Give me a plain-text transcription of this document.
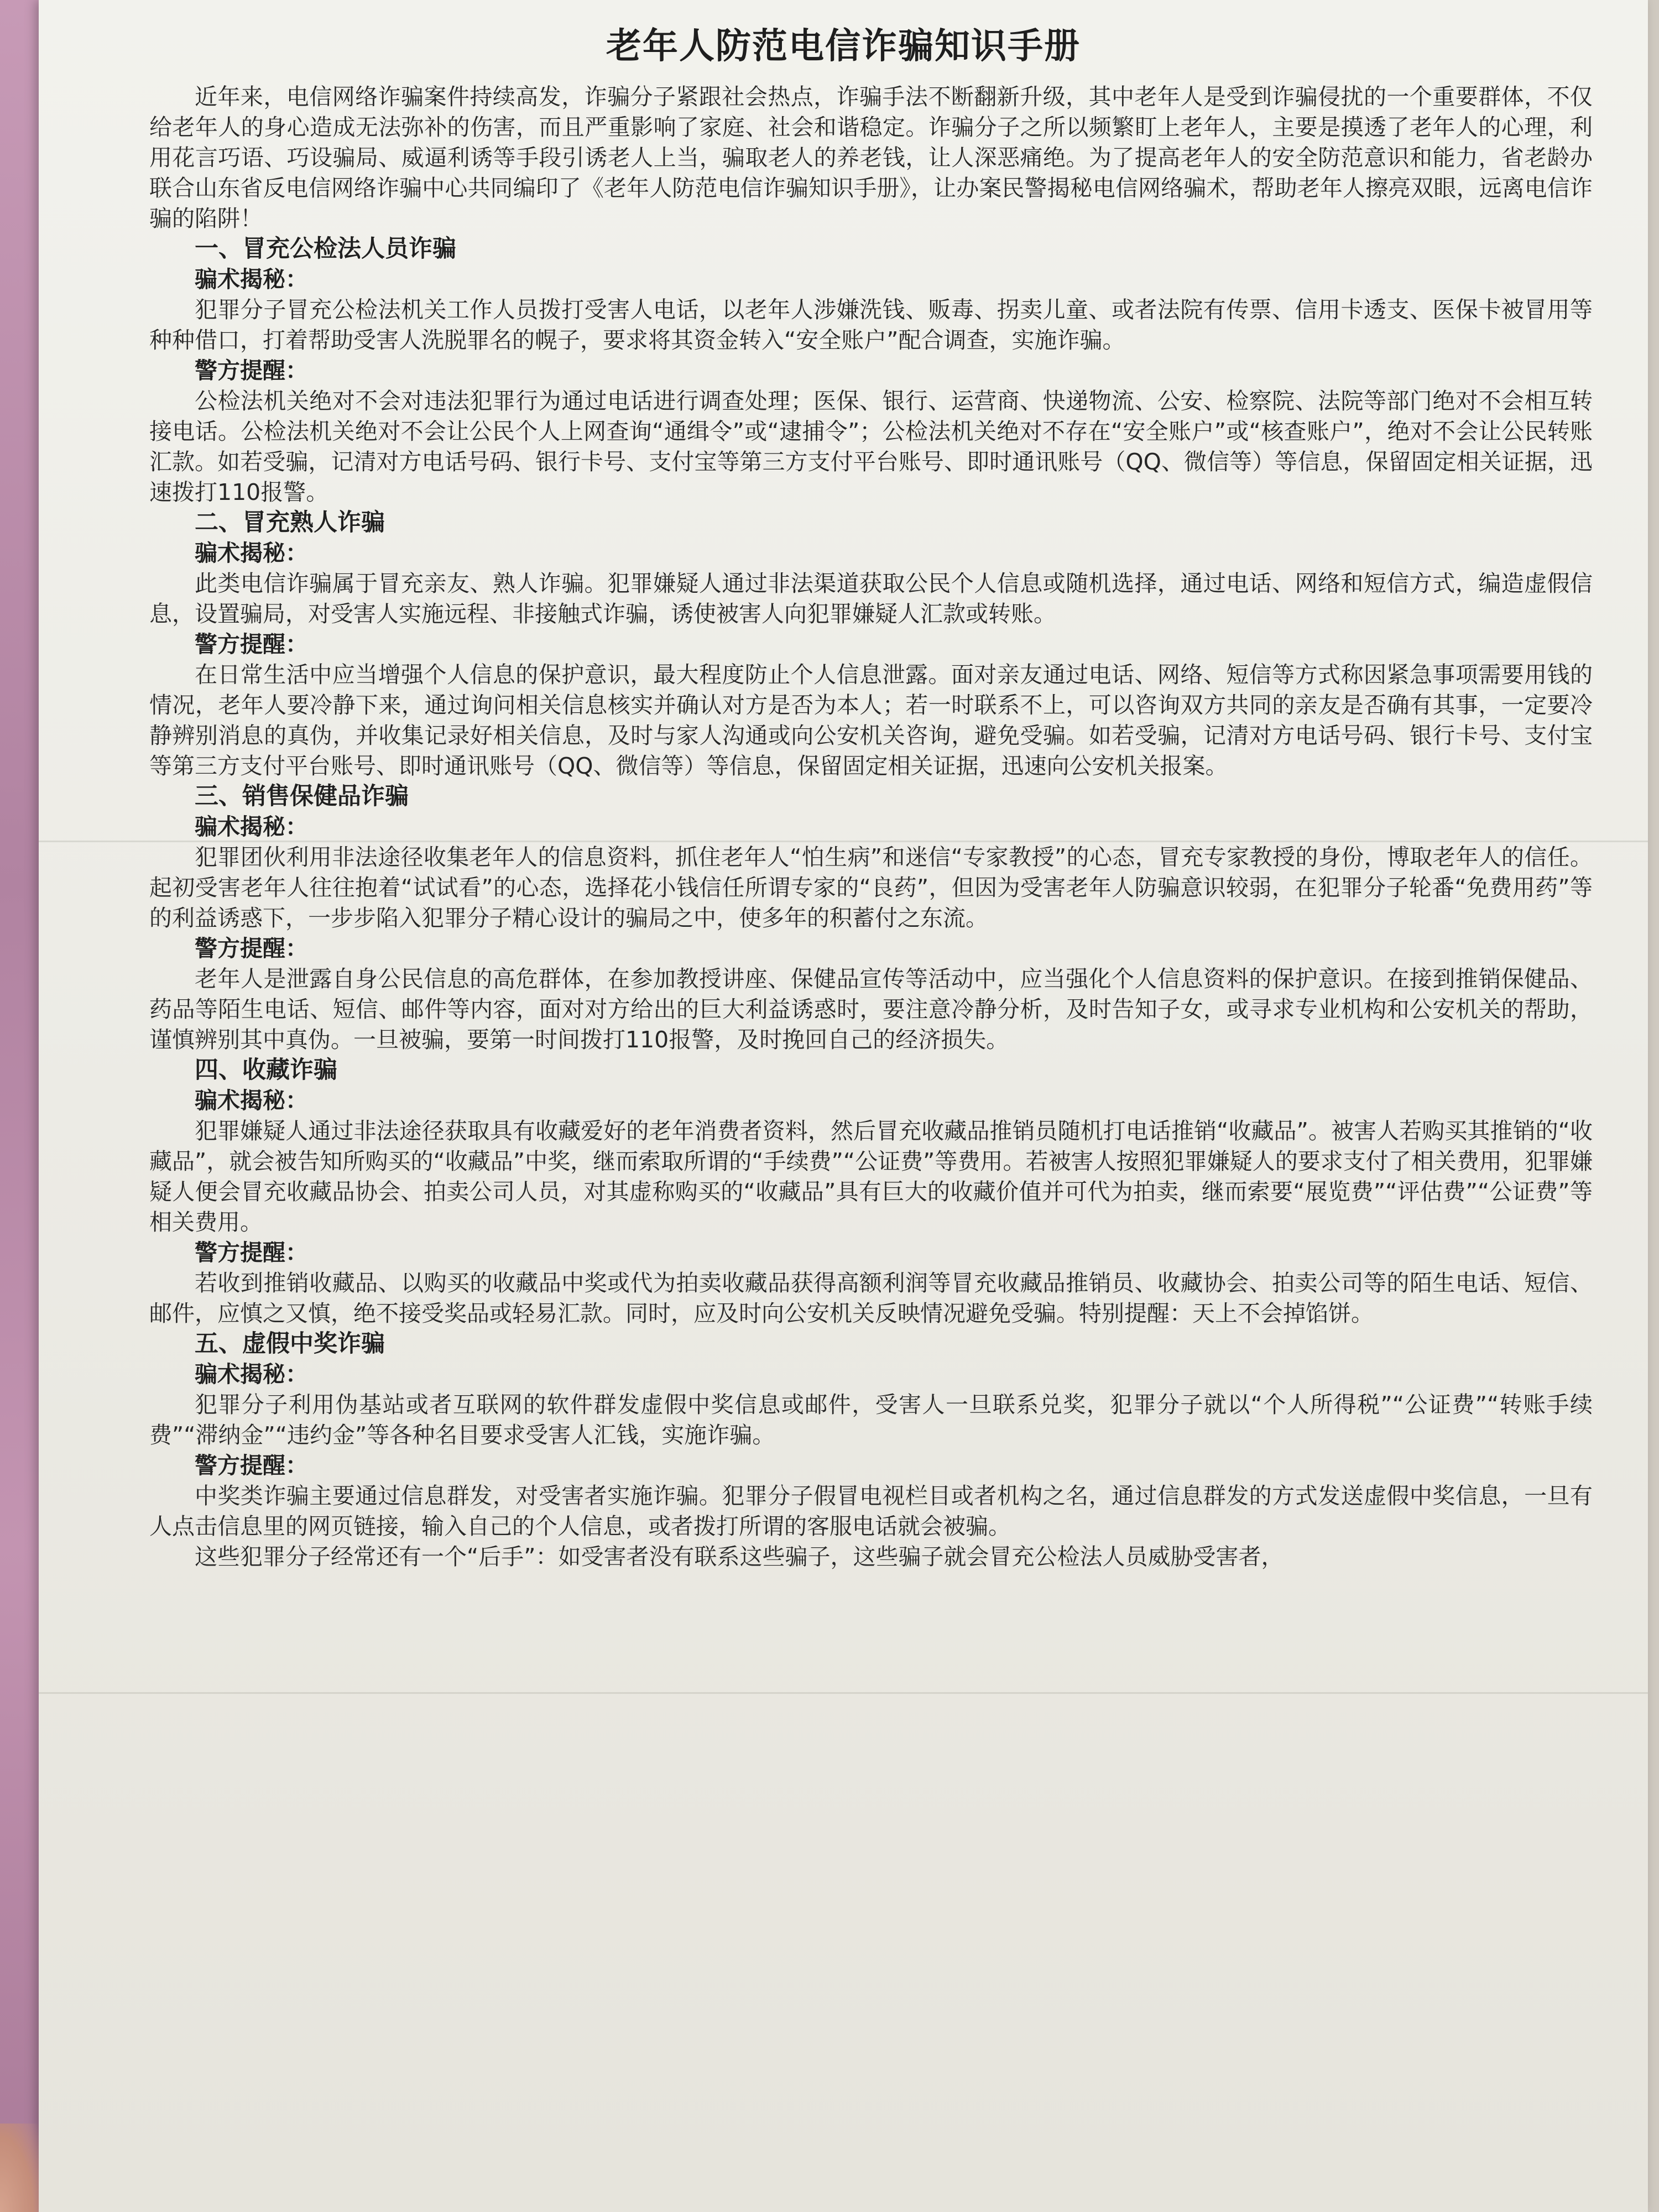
老年人防范电信诈骗知识手册

近年来，电信网络诈骗案件持续高发，诈骗分子紧跟社会热点，诈骗手法不断翻新升级，其中老年人是受到诈骗侵扰的一个重要群体，不仅给老年人的身心造成无法弥补的伤害，而且严重影响了家庭、社会和谐稳定。诈骗分子之所以频繁盯上老年人，主要是摸透了老年人的心理，利用花言巧语、巧设骗局、威逼利诱等手段引诱老人上当，骗取老人的养老钱，让人深恶痛绝。为了提高老年人的安全防范意识和能力，省老龄办联合山东省反电信网络诈骗中心共同编印了《老年人防范电信诈骗知识手册》，让办案民警揭秘电信网络骗术，帮助老年人擦亮双眼，远离电信诈骗的陷阱！

一、冒充公检法人员诈骗
骗术揭秘：

犯罪分子冒充公检法机关工作人员拨打受害人电话，以老年人涉嫌洗钱、贩毒、拐卖儿童、或者法院有传票、信用卡透支、医保卡被冒用等种种借口，打着帮助受害人洗脱罪名的幌子，要求将其资金转入“安全账户”配合调查，实施诈骗。

警方提醒：

公检法机关绝对不会对违法犯罪行为通过电话进行调查处理；医保、银行、运营商、快递物流、公安、检察院、法院等部门绝对不会相互转接电话。公检法机关绝对不会让公民个人上网查询“通缉令”或“逮捕令”；公检法机关绝对不存在“安全账户”或“核查账户”，绝对不会让公民转账汇款。如若受骗，记清对方电话号码、银行卡号、支付宝等第三方支付平台账号、即时通讯账号（QQ、微信等）等信息，保留固定相关证据，迅速拨打110报警。

二、冒充熟人诈骗
骗术揭秘：

此类电信诈骗属于冒充亲友、熟人诈骗。犯罪嫌疑人通过非法渠道获取公民个人信息或随机选择，通过电话、网络和短信方式，编造虚假信息，设置骗局，对受害人实施远程、非接触式诈骗，诱使被害人向犯罪嫌疑人汇款或转账。

警方提醒：

在日常生活中应当增强个人信息的保护意识，最大程度防止个人信息泄露。面对亲友通过电话、网络、短信等方式称因紧急事项需要用钱的情况，老年人要冷静下来，通过询问相关信息核实并确认对方是否为本人；若一时联系不上，可以咨询双方共同的亲友是否确有其事，一定要冷静辨别消息的真伪，并收集记录好相关信息，及时与家人沟通或向公安机关咨询，避免受骗。如若受骗，记清对方电话号码、银行卡号、支付宝等第三方支付平台账号、即时通讯账号（QQ、微信等）等信息，保留固定相关证据，迅速向公安机关报案。

三、销售保健品诈骗
骗术揭秘：

犯罪团伙利用非法途径收集老年人的信息资料，抓住老年人“怕生病”和迷信“专家教授”的心态，冒充专家教授的身份，博取老年人的信任。起初受害老年人往往抱着“试试看”的心态，选择花小钱信任所谓专家的“良药”，但因为受害老年人防骗意识较弱，在犯罪分子轮番“免费用药”等的利益诱惑下，一步步陷入犯罪分子精心设计的骗局之中，使多年的积蓄付之东流。

警方提醒：

老年人是泄露自身公民信息的高危群体，在参加教授讲座、保健品宣传等活动中，应当强化个人信息资料的保护意识。在接到推销保健品、药品等陌生电话、短信、邮件等内容，面对对方给出的巨大利益诱惑时，要注意冷静分析，及时告知子女，或寻求专业机构和公安机关的帮助，谨慎辨别其中真伪。一旦被骗，要第一时间拨打110报警，及时挽回自己的经济损失。

四、收藏诈骗
骗术揭秘：

犯罪嫌疑人通过非法途径获取具有收藏爱好的老年消费者资料，然后冒充收藏品推销员随机打电话推销“收藏品”。被害人若购买其推销的“收藏品”，就会被告知所购买的“收藏品”中奖，继而索取所谓的“手续费”“公证费”等费用。若被害人按照犯罪嫌疑人的要求支付了相关费用，犯罪嫌疑人便会冒充收藏品协会、拍卖公司人员，对其虚称购买的“收藏品”具有巨大的收藏价值并可代为拍卖，继而索要“展览费”“评估费”“公证费”等相关费用。

警方提醒：

若收到推销收藏品、以购买的收藏品中奖或代为拍卖收藏品获得高额利润等冒充收藏品推销员、收藏协会、拍卖公司等的陌生电话、短信、邮件，应慎之又慎，绝不接受奖品或轻易汇款。同时，应及时向公安机关反映情况避免受骗。特别提醒：天上不会掉馅饼。

五、虚假中奖诈骗
骗术揭秘：

犯罪分子利用伪基站或者互联网的软件群发虚假中奖信息或邮件，受害人一旦联系兑奖，犯罪分子就以“个人所得税”“公证费”“转账手续费”“滞纳金”“违约金”等各种名目要求受害人汇钱，实施诈骗。

警方提醒：

中奖类诈骗主要通过信息群发，对受害者实施诈骗。犯罪分子假冒电视栏目或者机构之名，通过信息群发的方式发送虚假中奖信息，一旦有人点击信息里的网页链接，输入自己的个人信息，或者拨打所谓的客服电话就会被骗。

这些犯罪分子经常还有一个“后手”：如受害者没有联系这些骗子，这些骗子就会冒充公检法人员威胁受害者，
